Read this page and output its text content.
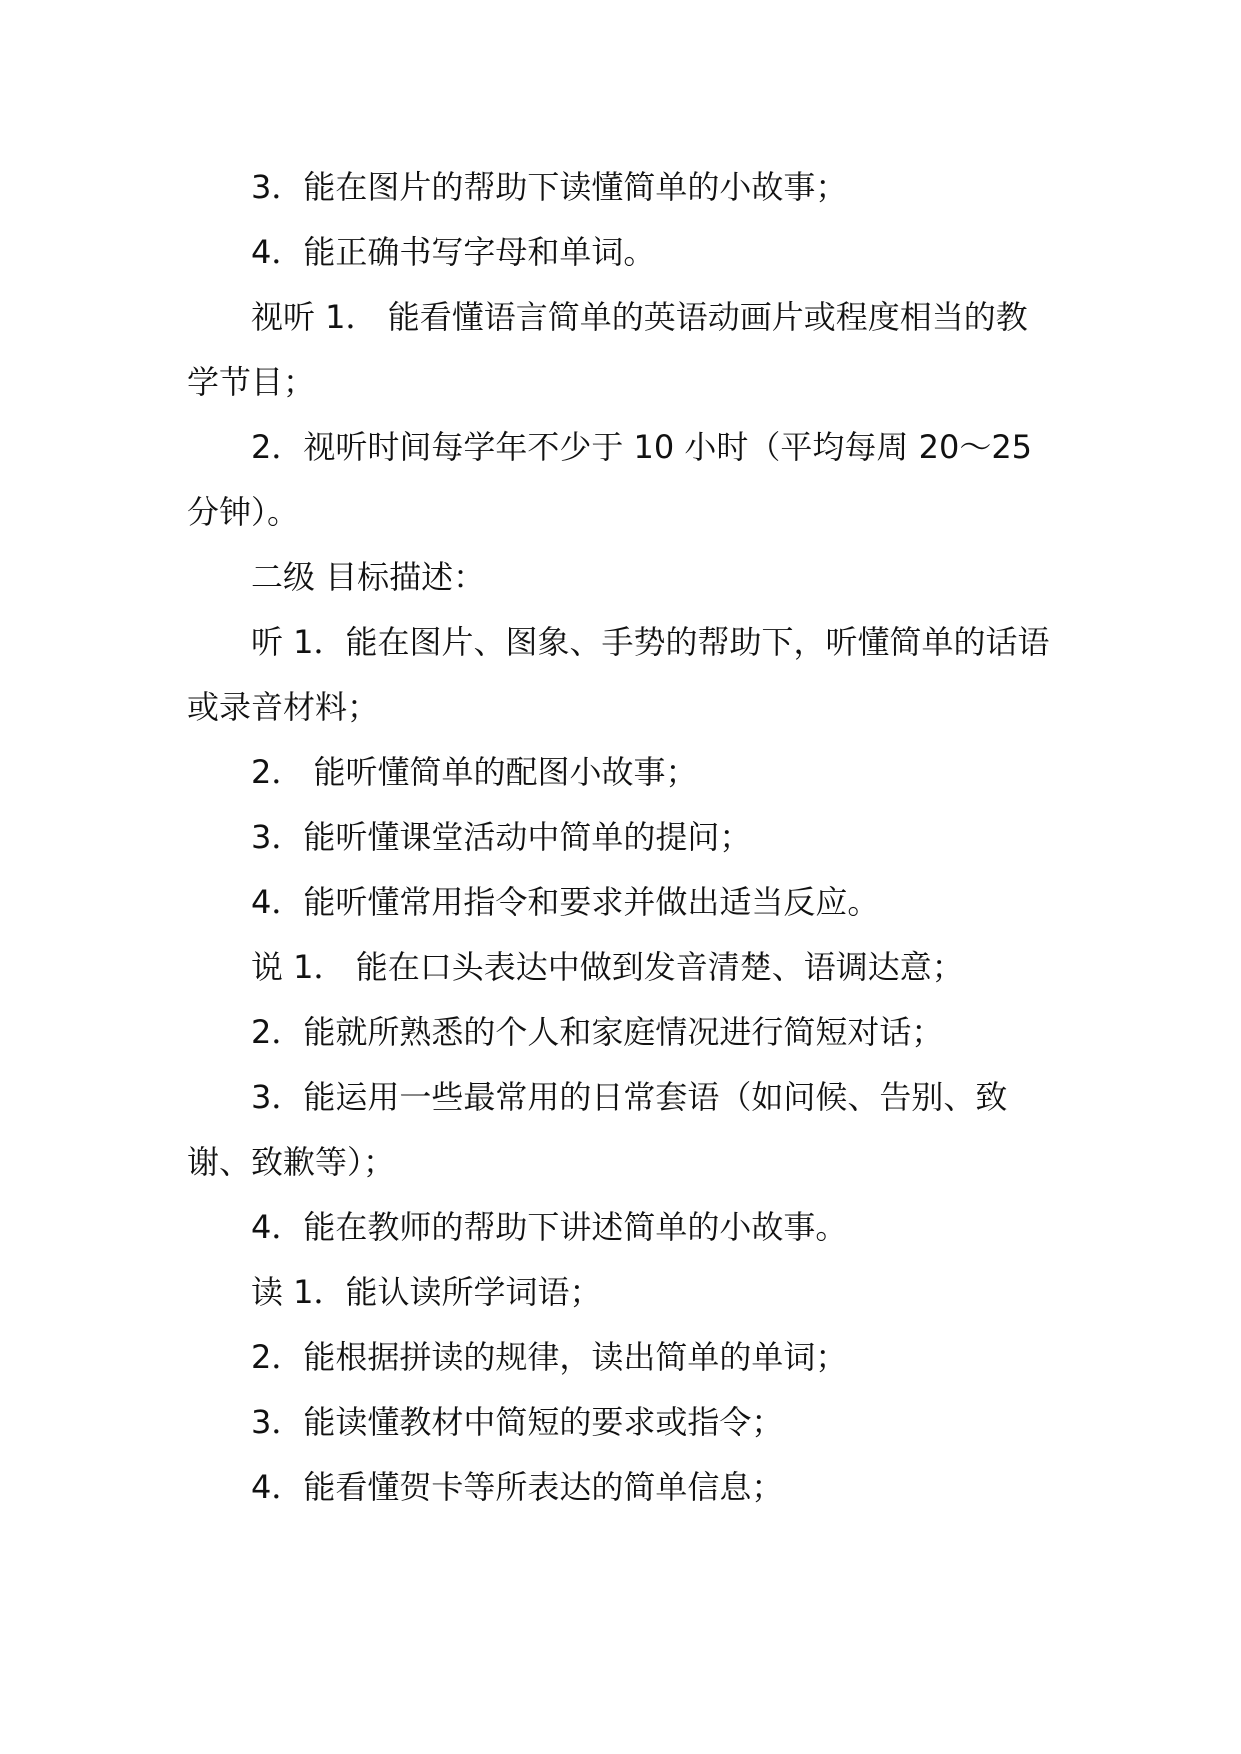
3．能在图片的帮助下读懂简单的小故事；

4．能正确书写字母和单词。

视听 1． 能看懂语言简单的英语动画片或程度相当的教学节目；

2．视听时间每学年不少于 10 小时（平均每周 20～25 分钟）。

二级 目标描述：

听 1．能在图片、图象、手势的帮助下，听懂简单的话语或录音材料；

2． 能听懂简单的配图小故事；

3．能听懂课堂活动中简单的提问；

4．能听懂常用指令和要求并做出适当反应。

说 1． 能在口头表达中做到发音清楚、语调达意；

2．能就所熟悉的个人和家庭情况进行简短对话；

3．能运用一些最常用的日常套语（如问候、告别、致谢、致歉等）；

4．能在教师的帮助下讲述简单的小故事。

读 1．能认读所学词语；

2．能根据拼读的规律，读出简单的单词；

3．能读懂教材中简短的要求或指令；

4．能看懂贺卡等所表达的简单信息；
